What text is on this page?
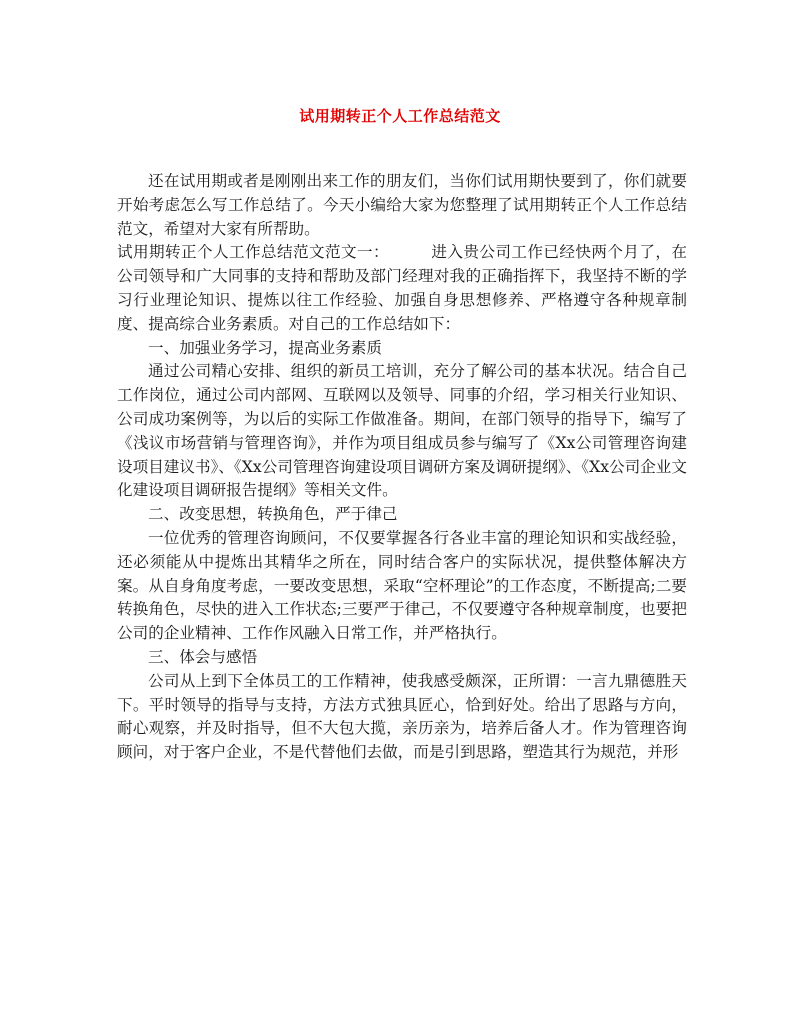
试用期转正个人工作总结范文

还在试用期或者是刚刚出来工作的朋友们，当你们试用期快要到了，你们就要开始考虑怎么写工作总结了。今天小编给大家为您整理了试用期转正个人工作总结范文，希望对大家有所帮助。

试用期转正个人工作总结范文范文一：	进入贵公司工作已经快两个月了，在公司领导和广大同事的支持和帮助及部门经理对我的正确指挥下，我坚持不断的学习行业理论知识、提炼以往工作经验、加强自身思想修养、严格遵守各种规章制度、提高综合业务素质。对自己的工作总结如下：

一、加强业务学习，提高业务素质

通过公司精心安排、组织的新员工培训，充分了解公司的基本状况。结合自己工作岗位，通过公司内部网、互联网以及领导、同事的介绍，学习相关行业知识、公司成功案例等，为以后的实际工作做准备。期间，在部门领导的指导下，编写了《浅议市场营销与管理咨询》，并作为项目组成员参与编写了《Xx公司管理咨询建设项目建议书》、《Xx公司管理咨询建设项目调研方案及调研提纲》、《Xx公司企业文化建设项目调研报告提纲》等相关文件。

二、改变思想，转换角色，严于律己

一位优秀的管理咨询顾问，不仅要掌握各行各业丰富的理论知识和实战经验，还必须能从中提炼出其精华之所在，同时结合客户的实际状况，提供整体解决方案。从自身角度考虑，一要改变思想，采取“空杯理论”的工作态度，不断提高;二要转换角色，尽快的进入工作状态;三要严于律己，不仅要遵守各种规章制度，也要把公司的企业精神、工作作风融入日常工作，并严格执行。

三、体会与感悟

公司从上到下全体员工的工作精神，使我感受颇深，正所谓：一言九鼎德胜天下。平时领导的指导与支持，方法方式独具匠心，恰到好处。给出了思路与方向，耐心观察，并及时指导，但不大包大揽，亲历亲为，培养后备人才。作为管理咨询顾问，对于客户企业，不是代替他们去做，而是引到思路，塑造其行为规范，并形
